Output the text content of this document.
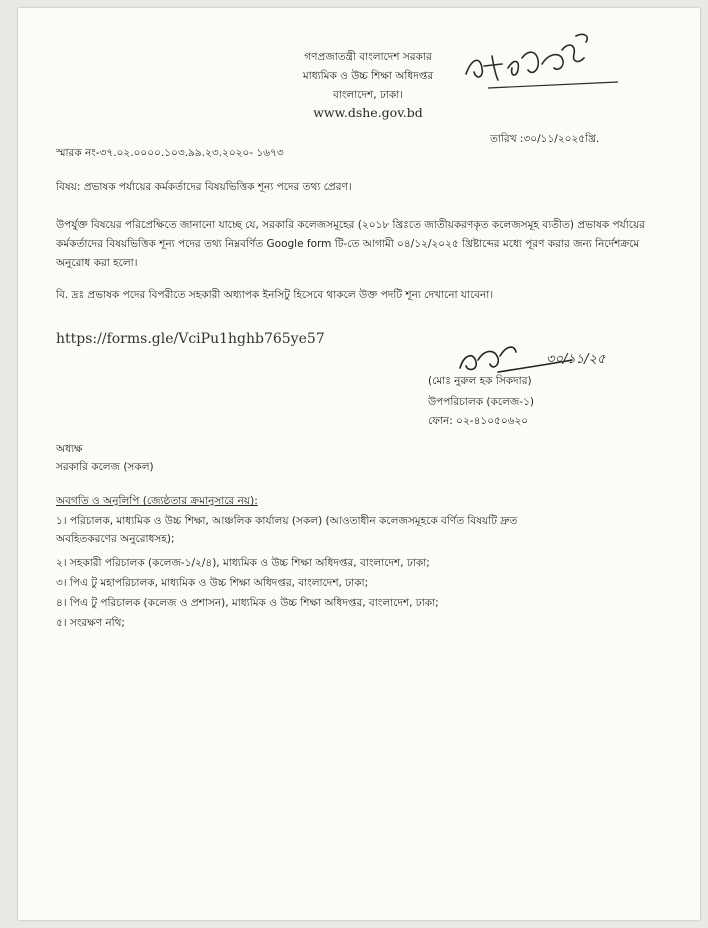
গণপ্রজাতন্ত্রী বাংলাদেশ সরকার
মাধ্যমিক ও উচ্চ শিক্ষা অধিদপ্তর
বাংলাদেশ, ঢাকা।
www.dshe.gov.bd
স্মারক নং-৩৭.০২.০০০০.১০৩.৯৯.২৩.২০২০- ১৬৭৩
তারিখ :৩০/১১/২০২৫খ্রি.
বিষয়: প্রভাষক পর্যায়ের কর্মকর্তাদের বিষয়ভিত্তিক শূন্য পদের তথ্য প্রেরণ।
উপর্যুক্ত বিষয়ের পরিপ্রেক্ষিতে জানানো যাচ্ছে যে, সরকারি কলেজসমূহের (২০১৮ খ্রিঃতে জাতীয়করণকৃত কলেজসমূহ ব্যতীত) প্রভাষক পর্যায়ের কর্মকর্তাদের বিষয়ভিত্তিক শূন্য পদের তথ্য নিম্নবর্ণিত Google form টি-তে আগামী ০৪/১২/২০২৫ খ্রিষ্টাব্দের মধ্যে পূরণ করার জন্য নির্দেশক্রমে অনুরোধ করা হলো।
বি. দ্রঃ প্রভাষক পদের বিপরীতে সহকারী অধ্যাপক ইনসিটু হিসেবে থাকলে উক্ত পদটি শূন্য দেখানো যাবেনা।
https://forms.gle/VciPu1hghb765ye57
৩০/১১/২৫
(মোঃ নুরুল হক সিকদার)
উপপরিচালক (কলেজ-১)
ফোন: ০২-৪১০৫০৬২০
অধ্যক্ষ
সরকারি কলেজ (সকল)
অবগতি ও অনুলিপি (জ্যেষ্ঠতার ক্রমানুসারে নয়):
১। পরিচালক, মাধ্যমিক ও উচ্চ শিক্ষা, আঞ্চলিক কার্যালয় (সকল) (আওতাধীন কলেজসমূহকে বর্ণিত বিষয়টি দ্রুত
অবহিতকরণের অনুরোধসহ);
২। সহকারী পরিচালক (কলেজ-১/২/৪), মাধ্যমিক ও উচ্চ শিক্ষা অধিদপ্তর, বাংলাদেশ, ঢাকা;
৩। পিএ টু মহাপরিচালক, মাধ্যমিক ও উচ্চ শিক্ষা অধিদপ্তর, বাংলাদেশ, ঢাকা;
৪। পিএ টু পরিচালক (কলেজ ও প্রশাসন), মাধ্যমিক ও উচ্চ শিক্ষা অধিদপ্তর, বাংলাদেশ, ঢাকা;
৫। সংরক্ষণ নথি;
